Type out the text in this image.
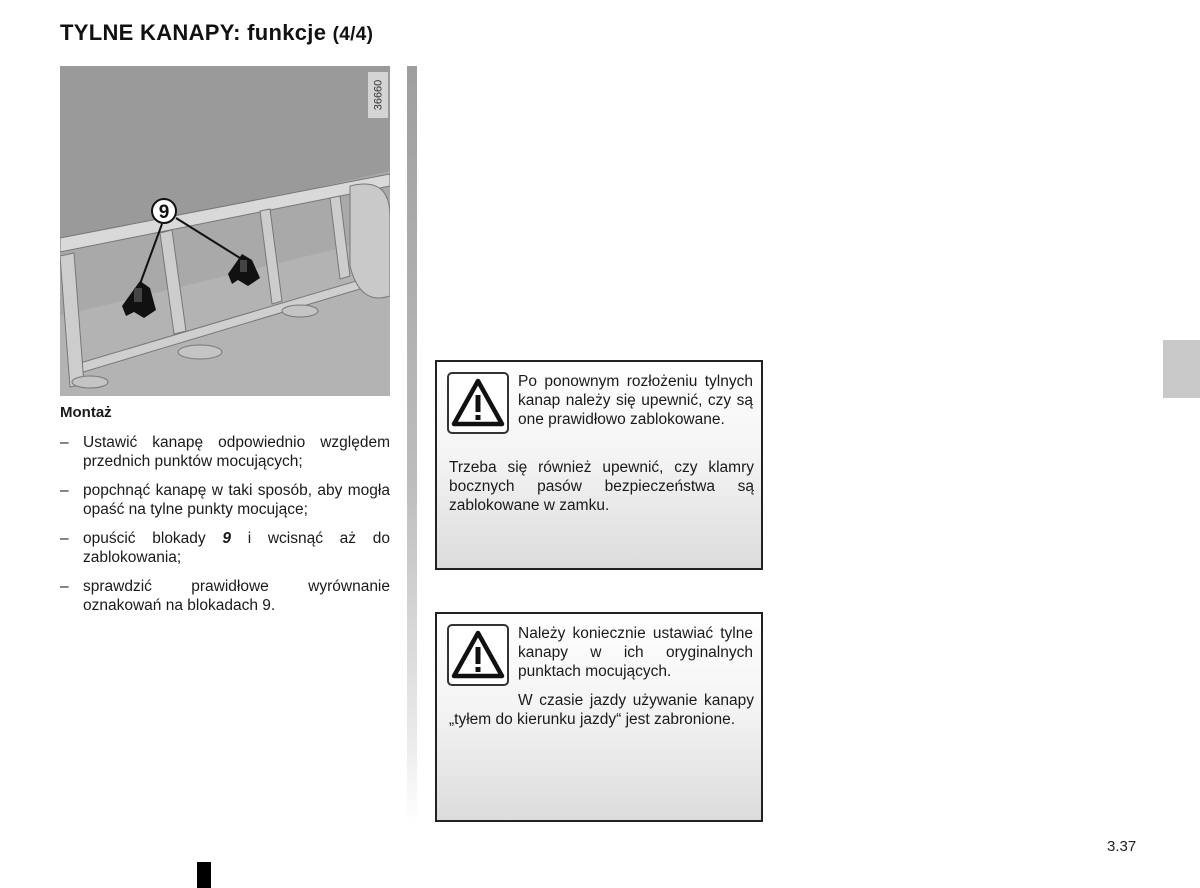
TYLNE KANAPY: funkcje (4/4)
9
36660
Montaż
– Ustawić kanapę odpowiednio względem przednich punktów mocujących;
– popchnąć kanapę w taki sposób, aby mogła opaść na tylne punkty mocujące;
– opuścić blokady 9 i wcisnąć aż do zablokowania;
– sprawdzić prawidłowe wyrównanie oznakowań na blokadach 9.
Po ponownym rozłożeniu tylnych kanap należy się upewnić, czy są one prawidłowo zablokowane.
Trzeba się również upewnić, czy klamry bocznych pasów bezpieczeństwa są zablokowane w zamku.
Należy koniecznie ustawiać tylne kanapy w ich oryginalnych punktach mocujących.
W czasie jazdy używanie kanapy „tyłem do kierunku jazdy“ jest zabronione.
3.37
